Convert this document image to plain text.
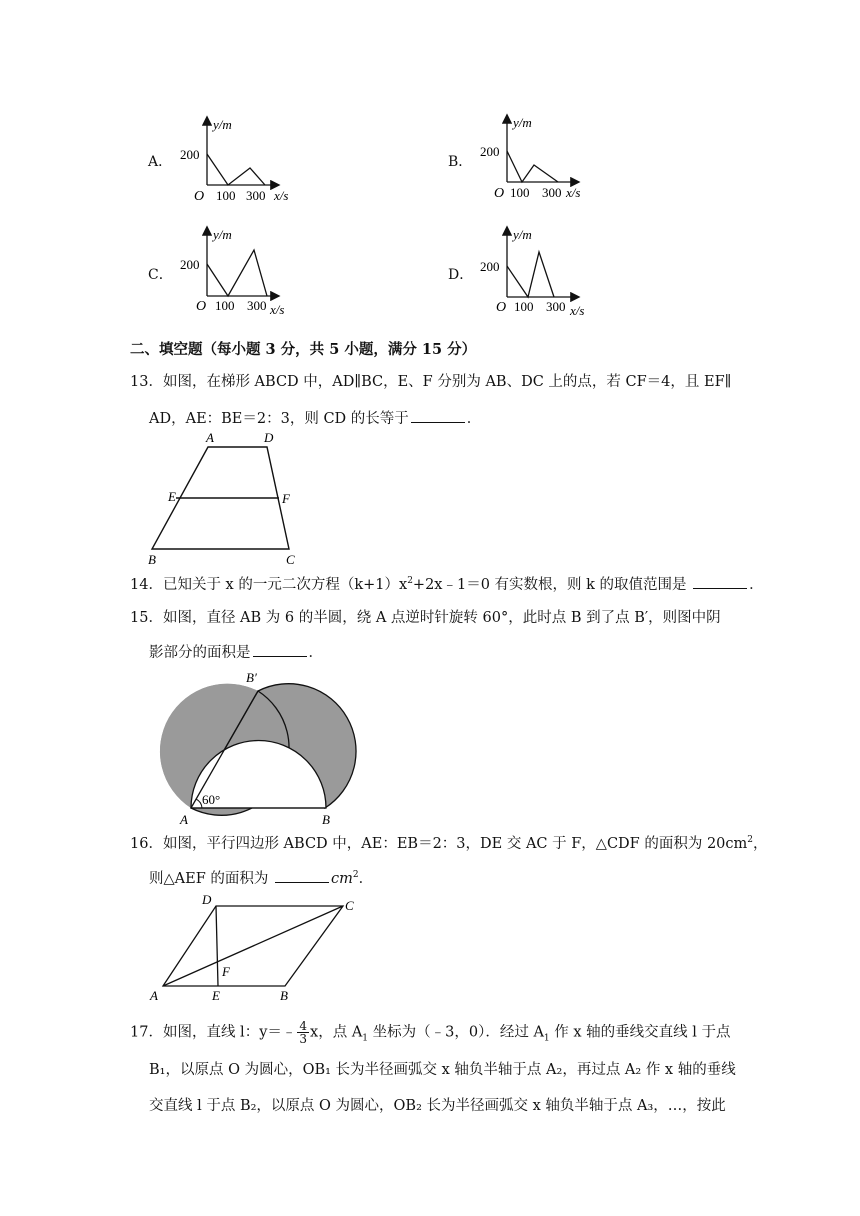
A．	B．
C．	D．
y/m
200
O 100 300 x/s
y/m
200
O 100 300 x/s
y/m
200
O 100 300 x/s
y/m
200
O 100 300 x/s
二、填空题（每小题 3 分，共 5 小题，满分 15 分）
13．如图，在梯形 ABCD 中，AD∥BC，E、F 分别为 AB、DC 上的点，若 CF＝4，且 EF∥
AD，AE：BE＝2：3，则 CD 的长等于	．
A	D
E	F
B	C
14．已知关于 x 的一元二次方程$(k+1)x^2+2x﹣1=0$ 有实数根，则 k 的取值范围是	．
15．如图，直径 AB 为 6 的半圆，绕 A 点逆时针旋转 60°，此时点 B 到了点 B′，则图中阴
影部分的面积是	．
B′
60°
A	B
16．如图，平行四边形 ABCD 中，AE：EB＝2：3，DE 交 AC 于 F，△CDF 的面积为 $20cm^2$，
则△AEF 的面积为	$cm^2$．
D	C
F
A	E	B
17．如图，直线 l：y＝﹣ $\frac{4}{3}$ x，点 $A_1$ 坐标为（﹣3，0）．经过 $A_1$ 作 x 轴的垂线交直线 l 于点
B₁，以原点 O 为圆心，OB₁ 长为半径画弧交 x 轴负半轴于点 A₂，再过点 A₂ 作 x 轴的垂线
交直线 l 于点 B₂，以原点 O 为圆心，OB₂ 长为半径画弧交 x 轴负半轴于点 A₃，…，按此
